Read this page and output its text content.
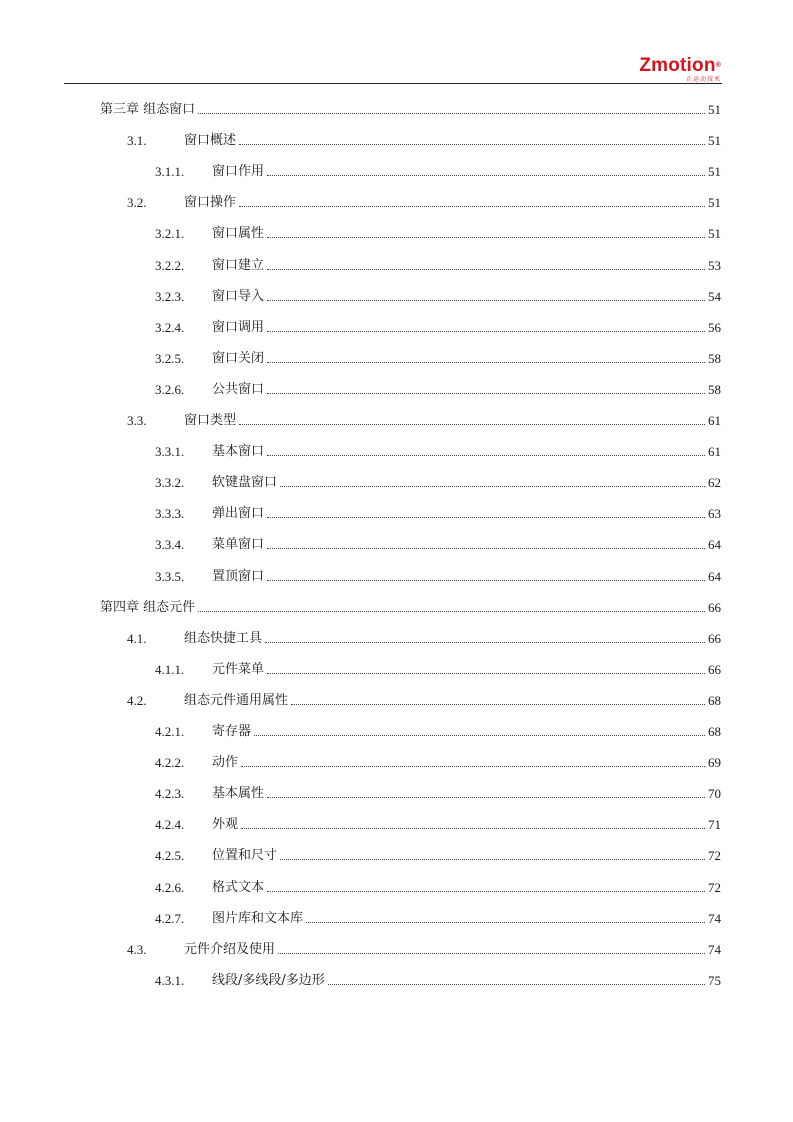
Zmotion®
正运动技术
第三章 组态窗口	51
3.1.	窗口概述	51
3.1.1. 窗口作用	51
3.2.	窗口操作	51
3.2.1. 窗口属性	51
3.2.2. 窗口建立	53
3.2.3. 窗口导入	54
3.2.4. 窗口调用	56
3.2.5. 窗口关闭	58
3.2.6. 公共窗口	58
3.3.	窗口类型	61
3.3.1. 基本窗口	61
3.3.2. 软键盘窗口	62
3.3.3. 弹出窗口	63
3.3.4. 菜单窗口	64
3.3.5. 置顶窗口	64
第四章 组态元件	66
4.1.	组态快捷工具	66
4.1.1. 元件菜单	66
4.2.	组态元件通用属性	68
4.2.1. 寄存器	68
4.2.2. 动作	69
4.2.3. 基本属性	70
4.2.4. 外观	71
4.2.5. 位置和尺寸	72
4.2.6. 格式文本	72
4.2.7. 图片库和文本库	74
4.3.	元件介绍及使用	74
4.3.1. 线段/多线段/多边形	75
